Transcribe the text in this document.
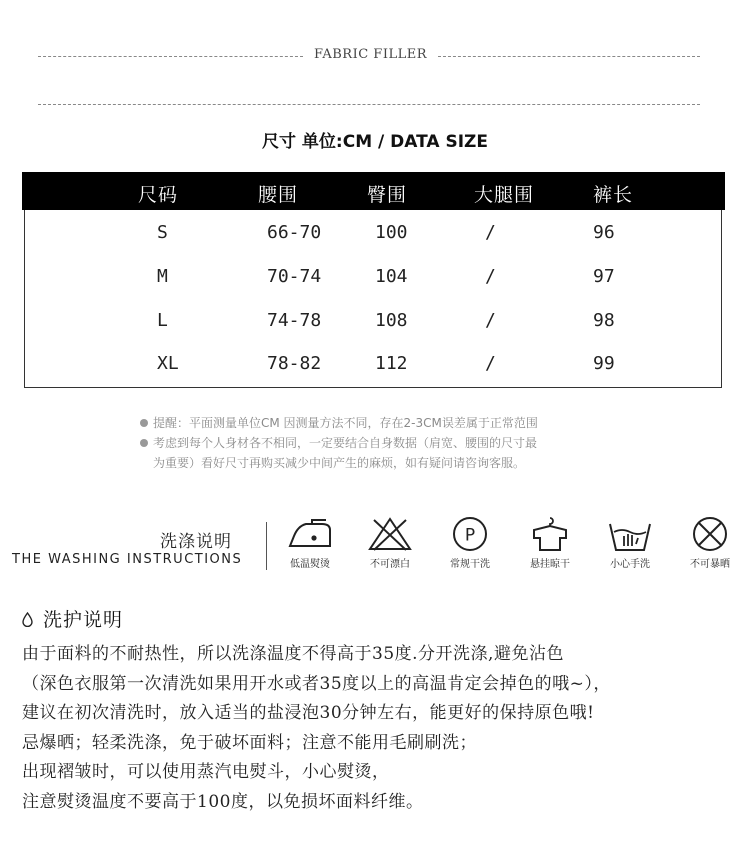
FABRIC FILLER
尺寸 单位:CM / DATA SIZE
尺码	腰围	臀围	大腿围	裤长
S	66-70	100	/	96
M	70-74	104	/	97
L	74-78	108	/	98
XL	78-82	112	/	99
提醒：平面测量单位CM 因测量方法不同，存在2-3CM误差属于正常范围
考虑到每个人身材各不相同，一定要结合自身数据（肩宽、腰围的尺寸最
为重要）看好尺寸再购买减少中间产生的麻烦，如有疑问请咨询客服。
洗涤说明
THE WASHING INSTRUCTIONS	低温熨烫	不可漂白
P
常规干洗	悬挂晾干	小心手洗	不可暴晒
洗护说明
由于面料的不耐热性，所以洗涤温度不得高于35度.分开洗涤,避免沾色
（深色衣服第一次清洗如果用开水或者35度以上的高温肯定会掉色的哦~），
建议在初次清洗时，放入适当的盐浸泡30分钟左右，能更好的保持原色哦!
忌爆晒；轻柔洗涤，免于破坏面料；注意不能用毛刷刷洗；
出现褶皱时，可以使用蒸汽电熨斗，小心熨烫，
注意熨烫温度不要高于100度，以免损坏面料纤维。
